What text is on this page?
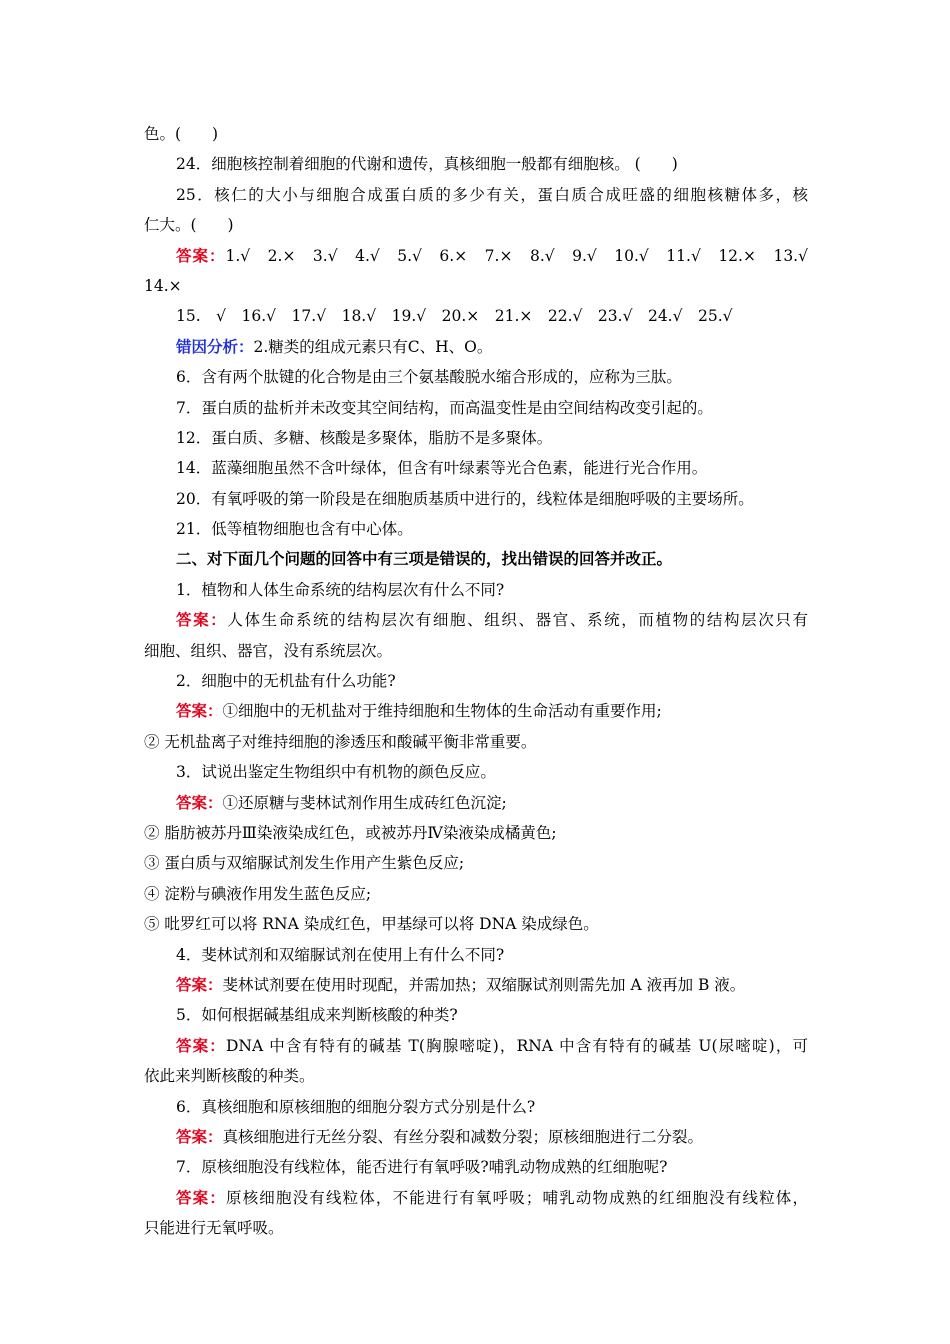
色。(　　)
24．细胞核控制着细胞的代谢和遗传，真核细胞一般都有细胞核。 (　　)
25．核仁的大小与细胞合成蛋白质的多少有关，蛋白质合成旺盛的细胞核糖体多，核
仁大。(　　)
答案：1.√　2.×　3.√　4.√　5.√　6.×　7.×　8.√　9.√　10.√　11.√　12.×　13.√
14.×
15.　√　16.√　17.√　18.√　19.√　20.×　21.×　22.√　23.√　24.√　25.√
错因分析：2.糖类的组成元素只有C、H、O。
6．含有两个肽键的化合物是由三个氨基酸脱水缩合形成的，应称为三肽。
7．蛋白质的盐析并未改变其空间结构，而高温变性是由空间结构改变引起的。
12．蛋白质、多糖、核酸是多聚体，脂肪不是多聚体。
14．蓝藻细胞虽然不含叶绿体，但含有叶绿素等光合色素，能进行光合作用。
20．有氧呼吸的第一阶段是在细胞质基质中进行的，线粒体是细胞呼吸的主要场所。
21．低等植物细胞也含有中心体。
二、对下面几个问题的回答中有三项是错误的，找出错误的回答并改正。
1．植物和人体生命系统的结构层次有什么不同?
答案：人体生命系统的结构层次有细胞、组织、器官、系统，而植物的结构层次只有
细胞、组织、器官，没有系统层次。
2．细胞中的无机盐有什么功能?
答案：①细胞中的无机盐对于维持细胞和生物体的生命活动有重要作用;
② 无机盐离子对维持细胞的渗透压和酸碱平衡非常重要。
3．试说出鉴定生物组织中有机物的颜色反应。
答案：①还原糖与斐林试剂作用生成砖红色沉淀;
② 脂肪被苏丹Ⅲ染液染成红色，或被苏丹Ⅳ染液染成橘黄色;
③ 蛋白质与双缩脲试剂发生作用产生紫色反应;
④ 淀粉与碘液作用发生蓝色反应;
⑤ 吡罗红可以将 RNA 染成红色，甲基绿可以将 DNA 染成绿色。
4．斐林试剂和双缩脲试剂在使用上有什么不同?
答案：斐林试剂要在使用时现配，并需加热；双缩脲试剂则需先加 A 液再加 B 液。
5．如何根据碱基组成来判断核酸的种类?
答案：DNA 中含有特有的碱基 T(胸腺嘧啶)，RNA 中含有特有的碱基 U(尿嘧啶)，可
依此来判断核酸的种类。
6．真核细胞和原核细胞的细胞分裂方式分别是什么?
答案：真核细胞进行无丝分裂、有丝分裂和减数分裂；原核细胞进行二分裂。
7．原核细胞没有线粒体，能否进行有氧呼吸?哺乳动物成熟的红细胞呢?
答案：原核细胞没有线粒体，不能进行有氧呼吸；哺乳动物成熟的红细胞没有线粒体，
只能进行无氧呼吸。
